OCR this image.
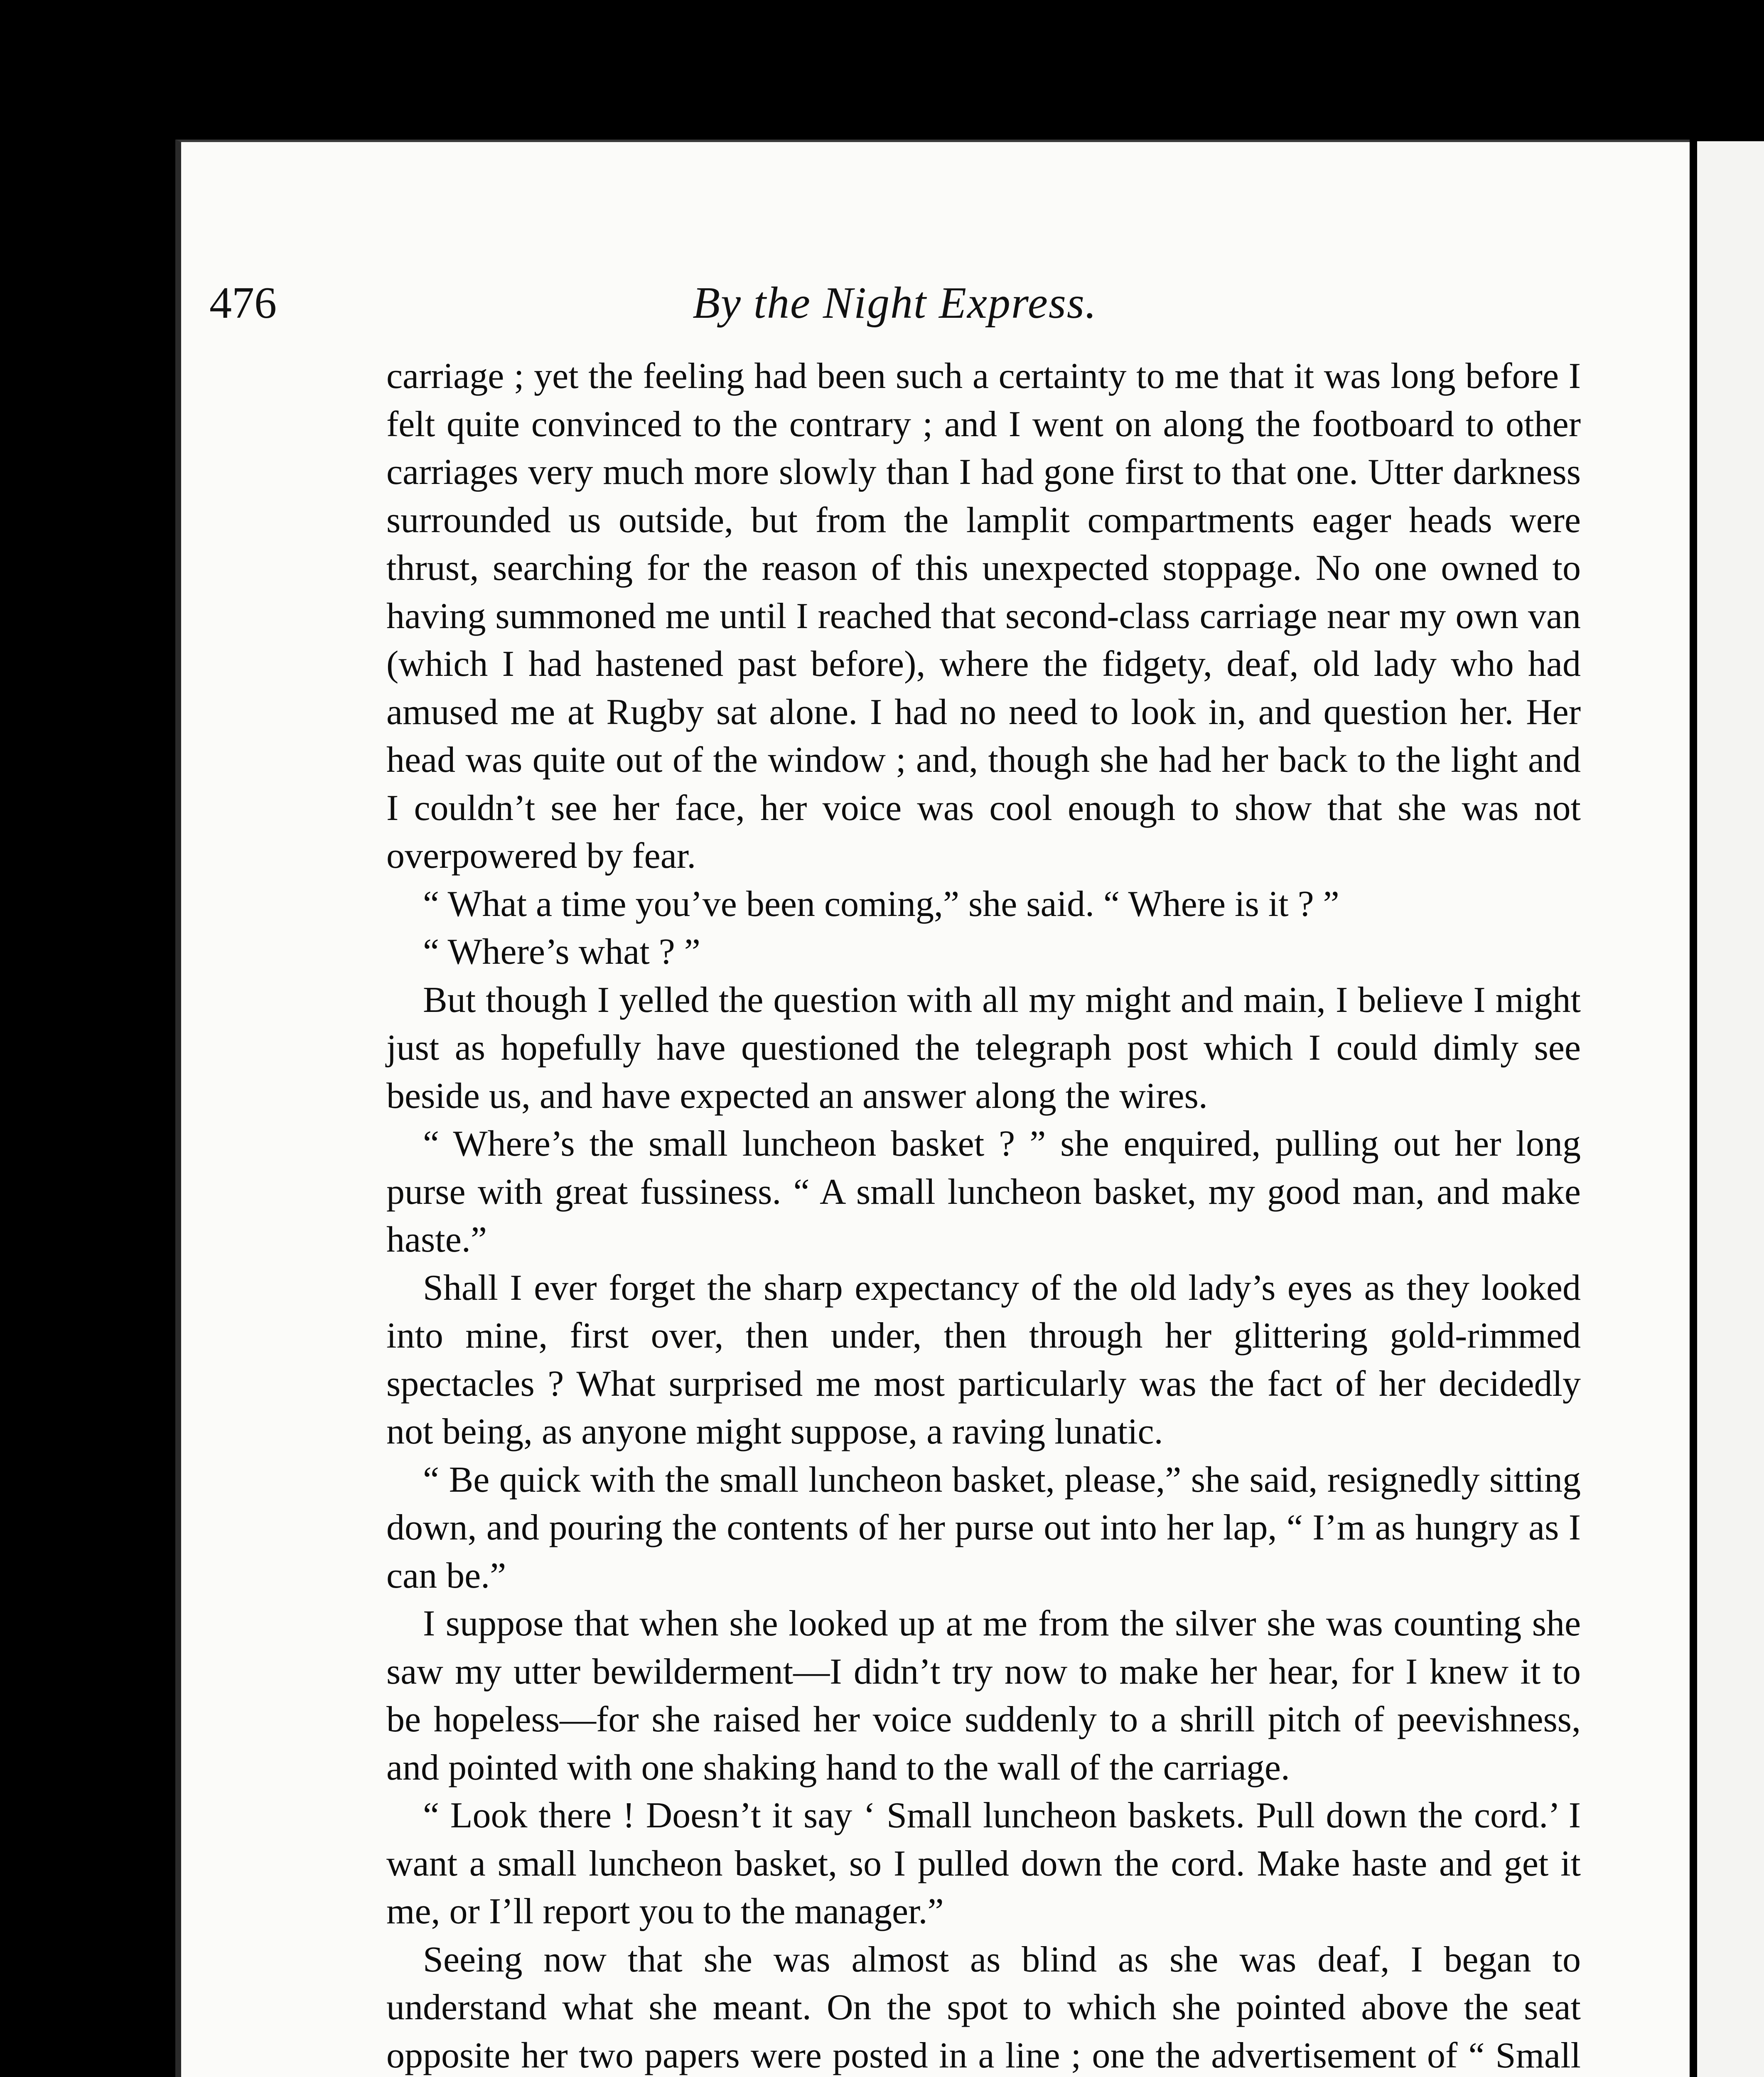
476	By the Night Express.

carriage ; yet the feeling had been such a certainty to me that it was long before I felt quite convinced to the contrary ; and I went on along the footboard to other carriages very much more slowly than I had gone first to that one. Utter darkness surrounded us outside, but from the lamplit compartments eager heads were thrust, searching for the reason of this unexpected stoppage. No one owned to having summoned me until I reached that second-class carriage near my own van (which I had hastened past before), where the fidgety, deaf, old lady who had amused me at Rugby sat alone. I had no need to look in, and question her. Her head was quite out of the window ; and, though she had her back to the light and I couldn’t see her face, her voice was cool enough to show that she was not overpowered by fear.

“ What a time you’ve been coming,” she said. “ Where is it ? ”

“ Where’s what ? ”

But though I yelled the question with all my might and main, I believe I might just as hopefully have questioned the telegraph post which I could dimly see beside us, and have expected an answer along the wires.

“ Where’s the small luncheon basket ? ” she enquired, pulling out her long purse with great fussiness. “ A small luncheon basket, my good man, and make haste.”

Shall I ever forget the sharp expectancy of the old lady’s eyes as they looked into mine, first over, then under, then through her glittering gold-rimmed spectacles ? What surprised me most particularly was the fact of her decidedly not being, as anyone might suppose, a raving lunatic.

“ Be quick with the small luncheon basket, please,” she said, resignedly sitting down, and pouring the contents of her purse out into her lap, “ I’m as hungry as I can be.”

I suppose that when she looked up at me from the silver she was counting she saw my utter bewilderment—I didn’t try now to make her hear, for I knew it to be hopeless—for she raised her voice suddenly to a shrill pitch of peevishness, and pointed with one shaking hand to the wall of the carriage.

“ Look there ! Doesn’t it say ‘ Small luncheon baskets. Pull down the cord.’ I want a small luncheon basket, so I pulled down the cord. Make haste and get it me, or I’ll report you to the manager.”

Seeing now that she was almost as blind as she was deaf, I began to understand what she meant. On the spot to which she pointed above the seat opposite her two papers were posted in a line ; one the advertisement of “ Small
